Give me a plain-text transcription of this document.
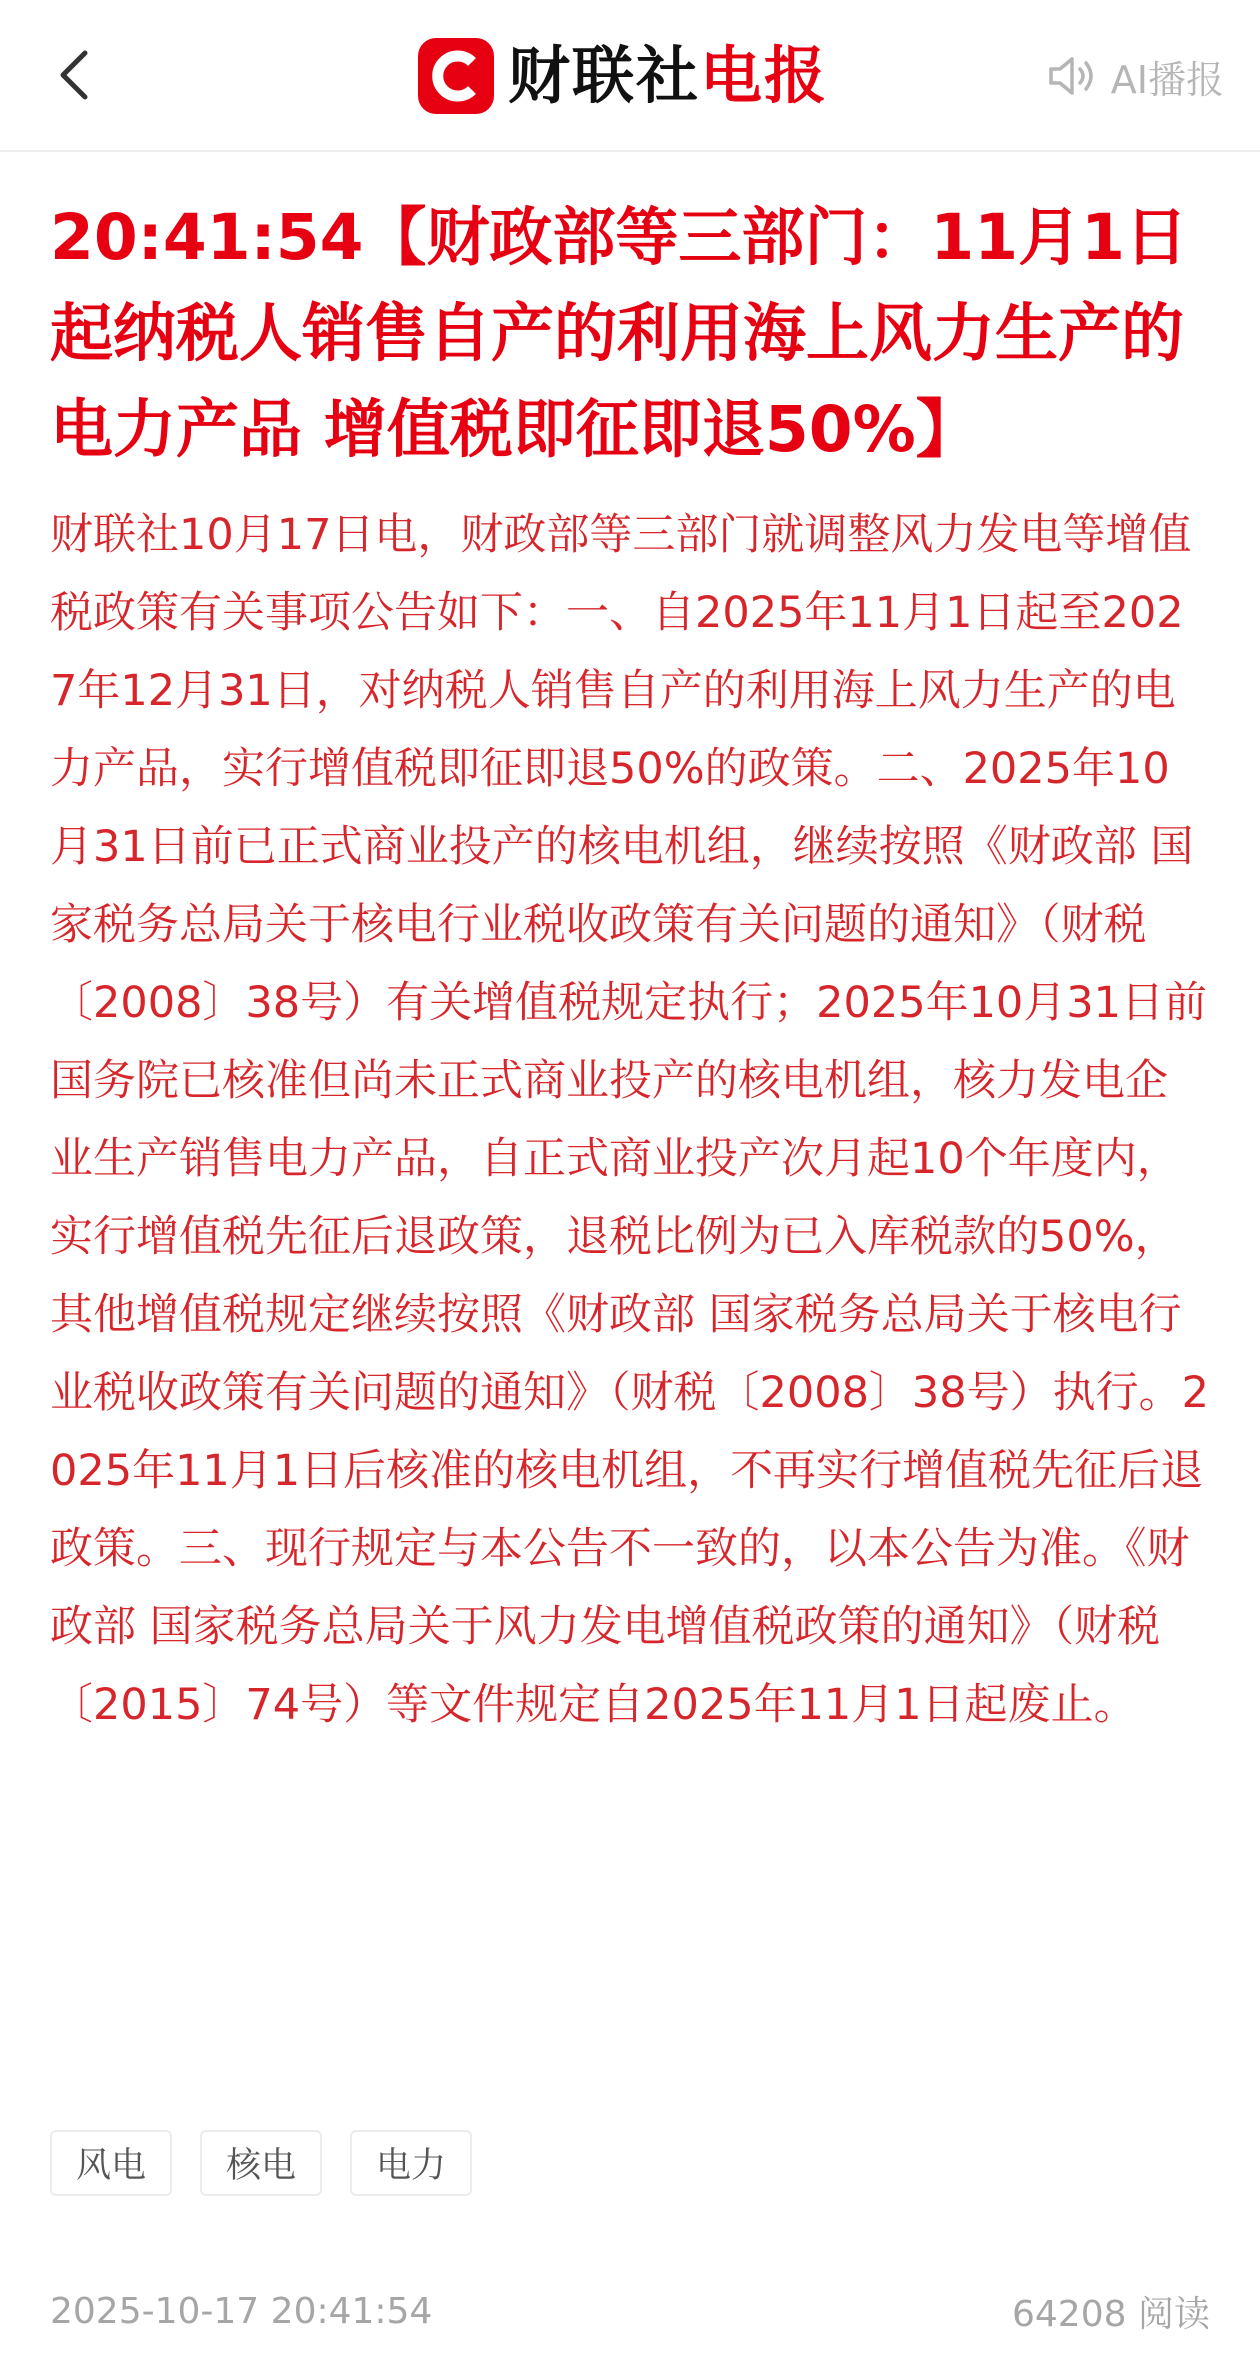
财联社 电报	AI播报
20:41:54【财政部等三部门：11月1日起纳税人销售自产的利用海上风力生产的电力产品 增值税即征即退50%】

财联社10月17日电，财政部等三部门就调整风力发电等增值税政策有关事项公告如下：一、自2025年11月1日起至2027年12月31日，对纳税人销售自产的利用海上风力生产的电力产品，实行增值税即征即退50%的政策。二、2025年10月31日前已正式商业投产的核电机组，继续按照《财政部 国家税务总局关于核电行业税收政策有关问题的通知》（财税〔2008〕38号）有关增值税规定执行；2025年10月31日前国务院已核准但尚未正式商业投产的核电机组，核力发电企业生产销售电力产品，自正式商业投产次月起10个年度内，实行增值税先征后退政策，退税比例为已入库税款的50%，其他增值税规定继续按照《财政部 国家税务总局关于核电行业税收政策有关问题的通知》（财税〔2008〕38号）执行。2025年11月1日后核准的核电机组，不再实行增值税先征后退政策。三、现行规定与本公告不一致的，以本公告为准。《财政部 国家税务总局关于风力发电增值税政策的通知》（财税〔2015〕74号）等文件规定自2025年11月1日起废止。

风电	核电	电力
2025-10-17 20:41:54	64208 阅读
